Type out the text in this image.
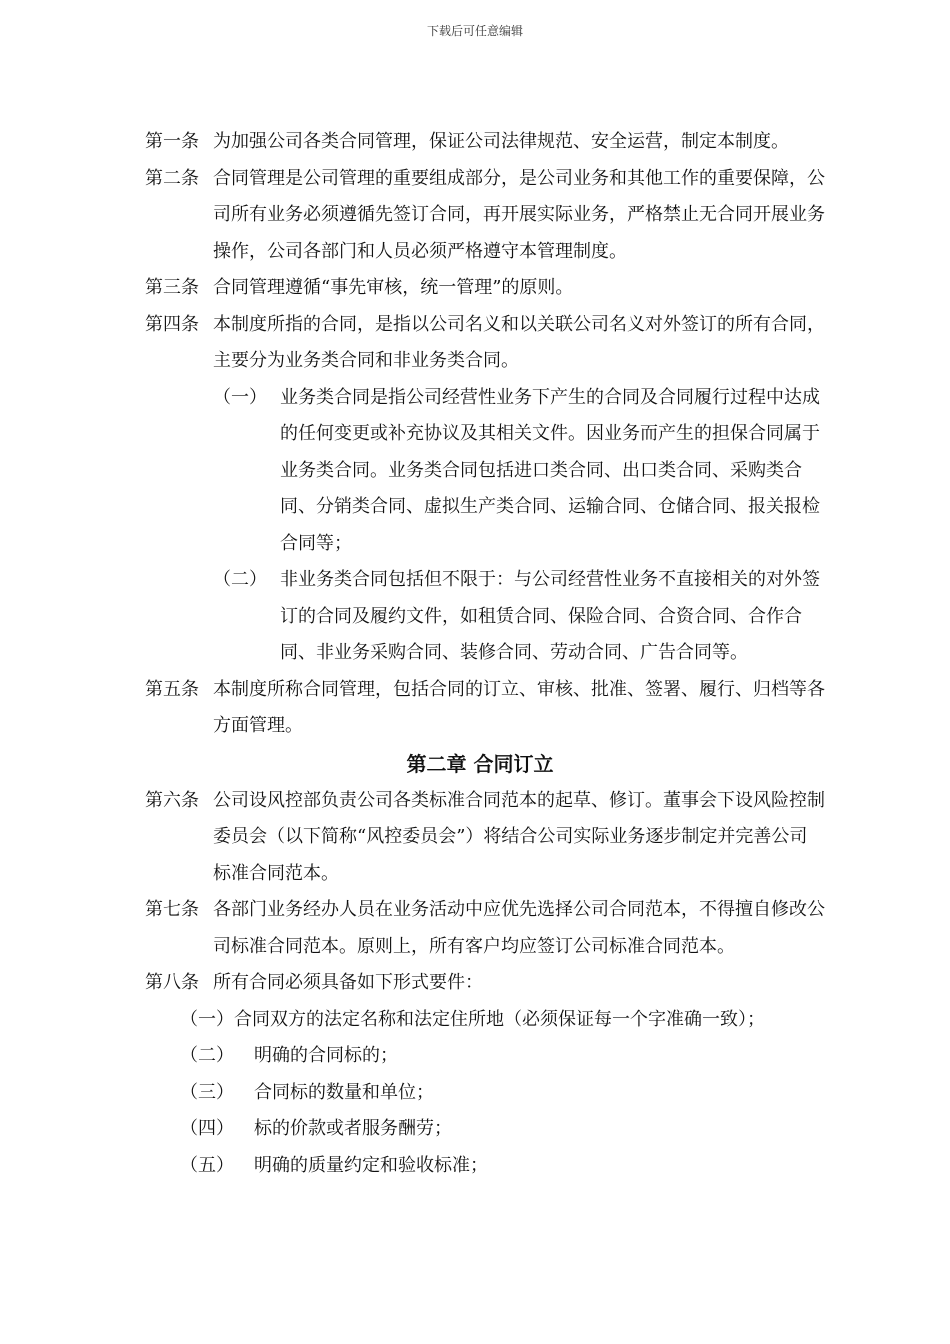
下载后可任意编辑
第一条 为加强公司各类合同管理，保证公司法律规范、安全运营，制定本制度。
第二条 合同管理是公司管理的重要组成部分，是公司业务和其他工作的重要保障，公司所有业务必须遵循先签订合同，再开展实际业务，严格禁止无合同开展业务操作，公司各部门和人员必须严格遵守本管理制度。
第三条 合同管理遵循“事先审核，统一管理”的原则。
第四条 本制度所指的合同，是指以公司名义和以关联公司名义对外签订的所有合同，主要分为业务类合同和非业务类合同。
（一） 业务类合同是指公司经营性业务下产生的合同及合同履行过程中达成的任何变更或补充协议及其相关文件。因业务而产生的担保合同属于业务类合同。业务类合同包括进口类合同、出口类合同、采购类合同、分销类合同、虚拟生产类合同、运输合同、仓储合同、报关报检合同等；
（二） 非业务类合同包括但不限于：与公司经营性业务不直接相关的对外签订的合同及履约文件，如租赁合同、保险合同、合资合同、合作合同、非业务采购合同、装修合同、劳动合同、广告合同等。
第五条 本制度所称合同管理，包括合同的订立、审核、批准、签署、履行、归档等各方面管理。
第二章 合同订立
第六条 公司设风控部负责公司各类标准合同范本的起草、修订。董事会下设风险控制委员会（以下简称“风控委员会”）将结合公司实际业务逐步制定并完善公司标准合同范本。
第七条 各部门业务经办人员在业务活动中应优先选择公司合同范本，不得擅自修改公司标准合同范本。原则上，所有客户均应签订公司标准合同范本。
第八条 所有合同必须具备如下形式要件：
（一） 合同双方的法定名称和法定住所地（必须保证每一个字准确一致）；
（二） 明确的合同标的；
（三） 合同标的数量和单位；
（四） 标的价款或者服务酬劳；
（五） 明确的质量约定和验收标准；
